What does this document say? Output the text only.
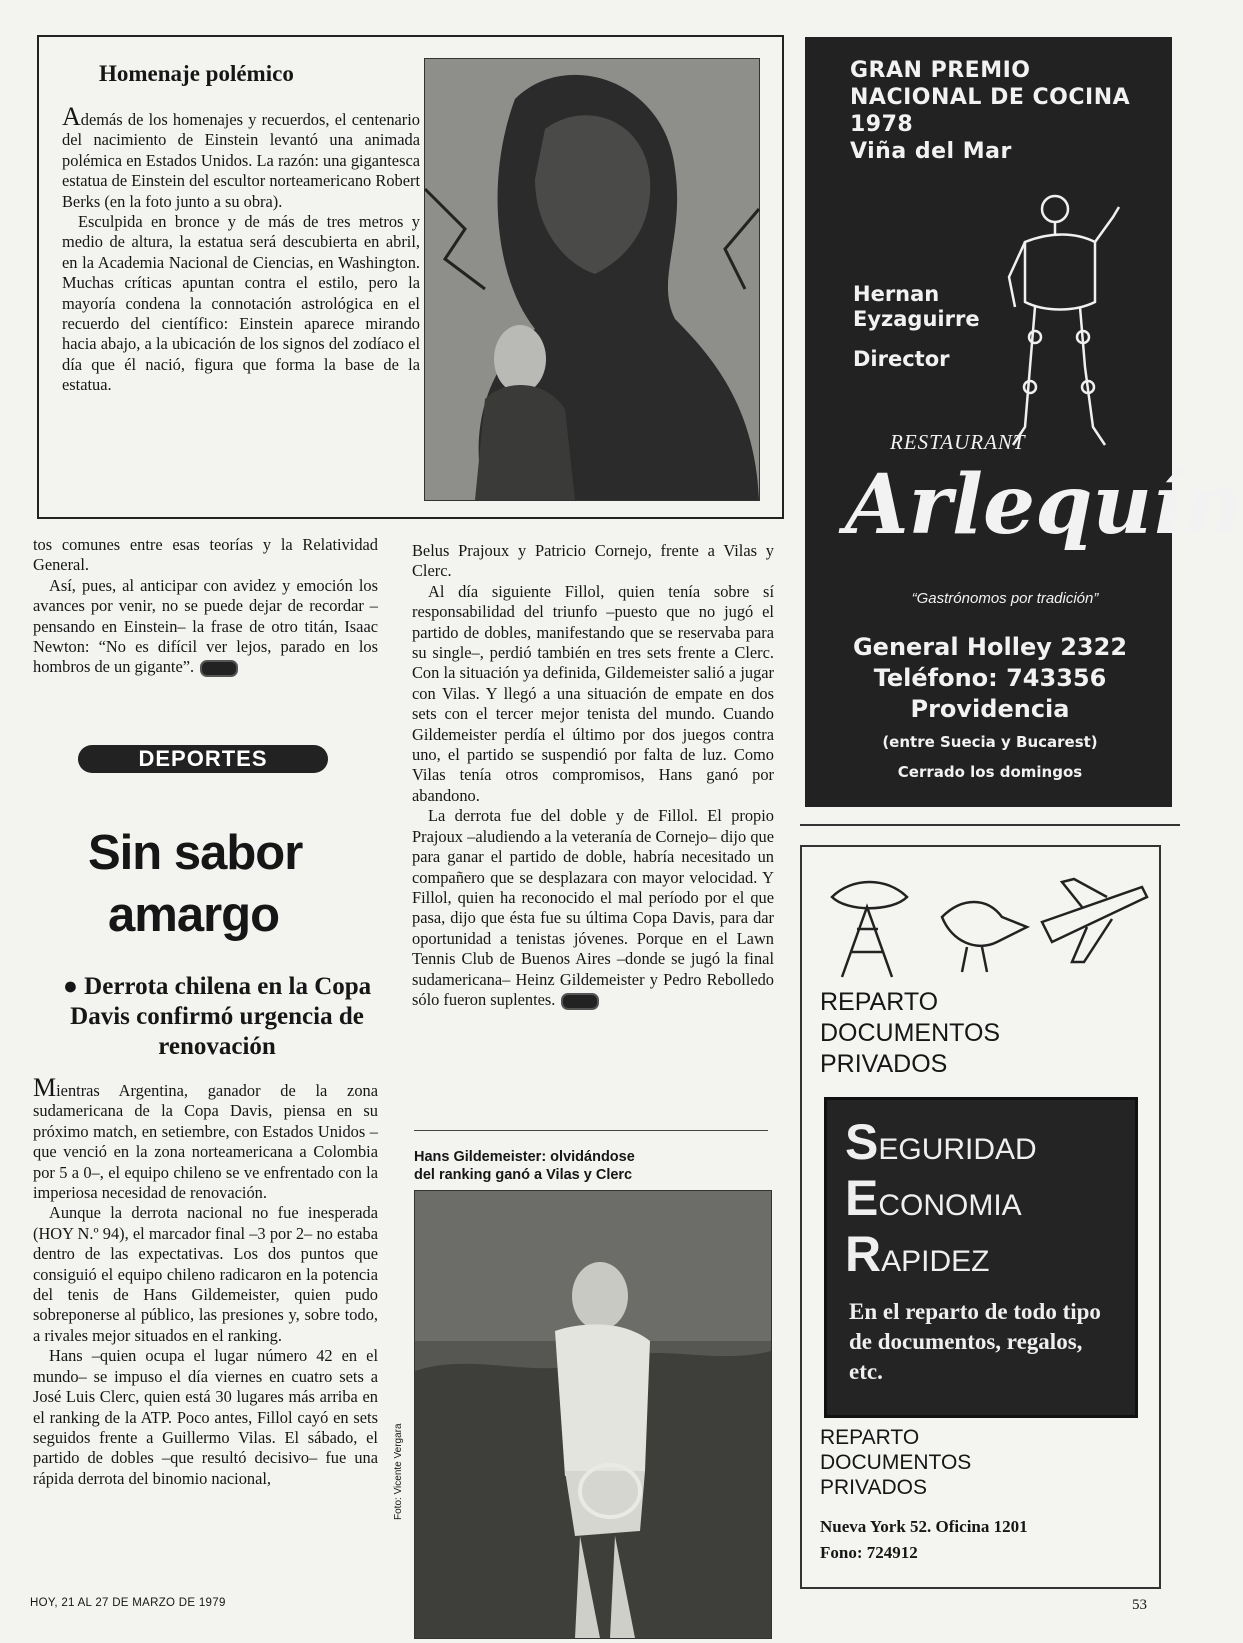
Homenaje polémico

Además de los homenajes y recuerdos, el centenario del nacimiento de Einstein levantó una animada polémica en Estados Unidos. La razón: una gigantesca estatua de Einstein del escultor norteamericano Robert Berks (en la foto junto a su obra).

Esculpida en bronce y de más de tres metros y medio de altura, la estatua será descubierta en abril, en la Academia Nacional de Ciencias, en Washington. Muchas críticas apuntan contra el estilo, pero la mayoría condena la connotación astrológica en el recuerdo del científico: Einstein aparece mirando hacia abajo, a la ubicación de los signos del zodíaco el día que él nació, figura que forma la base de la estatua.

tos comunes entre esas teorías y la Relatividad General.

Así, pues, al anticipar con avidez y emoción los avances por venir, no se puede dejar de recordar –pensando en Einstein– la frase de otro titán, Isaac Newton: “No es difícil ver lejos, parado en los hombros de un gigante”.

DEPORTES
Sin sabor
amargo
● Derrota chilena en la Copa Davis confirmó urgencia de renovación

Mientras Argentina, ganador de la zona sudamericana de la Copa Davis, piensa en su próximo match, en setiembre, con Estados Unidos –que venció en la zona norteamericana a Colombia por 5 a 0–, el equipo chileno se ve enfrentado con la imperiosa necesidad de renovación.

Aunque la derrota nacional no fue inesperada (HOY N.º 94), el marcador final –3 por 2– no estaba dentro de las expectativas. Los dos puntos que consiguió el equipo chileno radicaron en la potencia del tenis de Hans Gildemeister, quien pudo sobreponerse al público, las presiones y, sobre todo, a rivales mejor situados en el ranking.

Hans –quien ocupa el lugar número 42 en el mundo– se impuso el día viernes en cuatro sets a José Luis Clerc, quien está 30 lugares más arriba en el ranking de la ATP. Poco antes, Fillol cayó en sets seguidos frente a Guillermo Vilas. El sábado, el partido de dobles –que resultó decisivo– fue una rápida derrota del binomio nacional,

Belus Prajoux y Patricio Cornejo, frente a Vilas y Clerc.

Al día siguiente Fillol, quien tenía sobre sí responsabilidad del triunfo –puesto que no jugó el partido de dobles, manifestando que se reservaba para su single–, perdió también en tres sets frente a Clerc. Con la situación ya definida, Gildemeister salió a jugar con Vilas. Y llegó a una situación de empate en dos sets con el tercer mejor tenista del mundo. Cuando Gildemeister perdía el último por dos juegos contra uno, el partido se suspendió por falta de luz. Como Vilas tenía otros compromisos, Hans ganó por abandono.

La derrota fue del doble y de Fillol. El propio Prajoux –aludiendo a la veteranía de Cornejo– dijo que para ganar el partido de doble, habría necesitado un compañero que se desplazara con mayor velocidad. Y Fillol, quien ha reconocido el mal período por el que pasa, dijo que ésta fue su última Copa Davis, para dar oportunidad a tenistas jóvenes. Porque en el Lawn Tennis Club de Buenos Aires –donde se jugó la final sudamericana– Heinz Gildemeister y Pedro Rebolledo sólo fueron suplentes.

Hans Gildemeister: olvidándose
del ranking ganó a Vilas y Clerc
Foto: Vicente Vergara
GRAN PREMIO
NACIONAL DE COCINA
1978
Viña del Mar
Hernan
Eyzaguirre
Director
RESTAURANT
Arlequín
“Gastrónomos por tradición”
General Holley 2322
Teléfono: 743356
Providencia
(entre Suecia y Bucarest)
Cerrado los domingos
REPARTO
DOCUMENTOS
PRIVADOS
SEGURIDAD
ECONOMIA
RAPIDEZ
En el reparto de todo tipo de documentos, regalos, etc.
REPARTO
DOCUMENTOS
PRIVADOS
Nueva York 52. Oficina 1201
Fono: 724912
HOY, 21 AL 27 DE MARZO DE 1979	53
